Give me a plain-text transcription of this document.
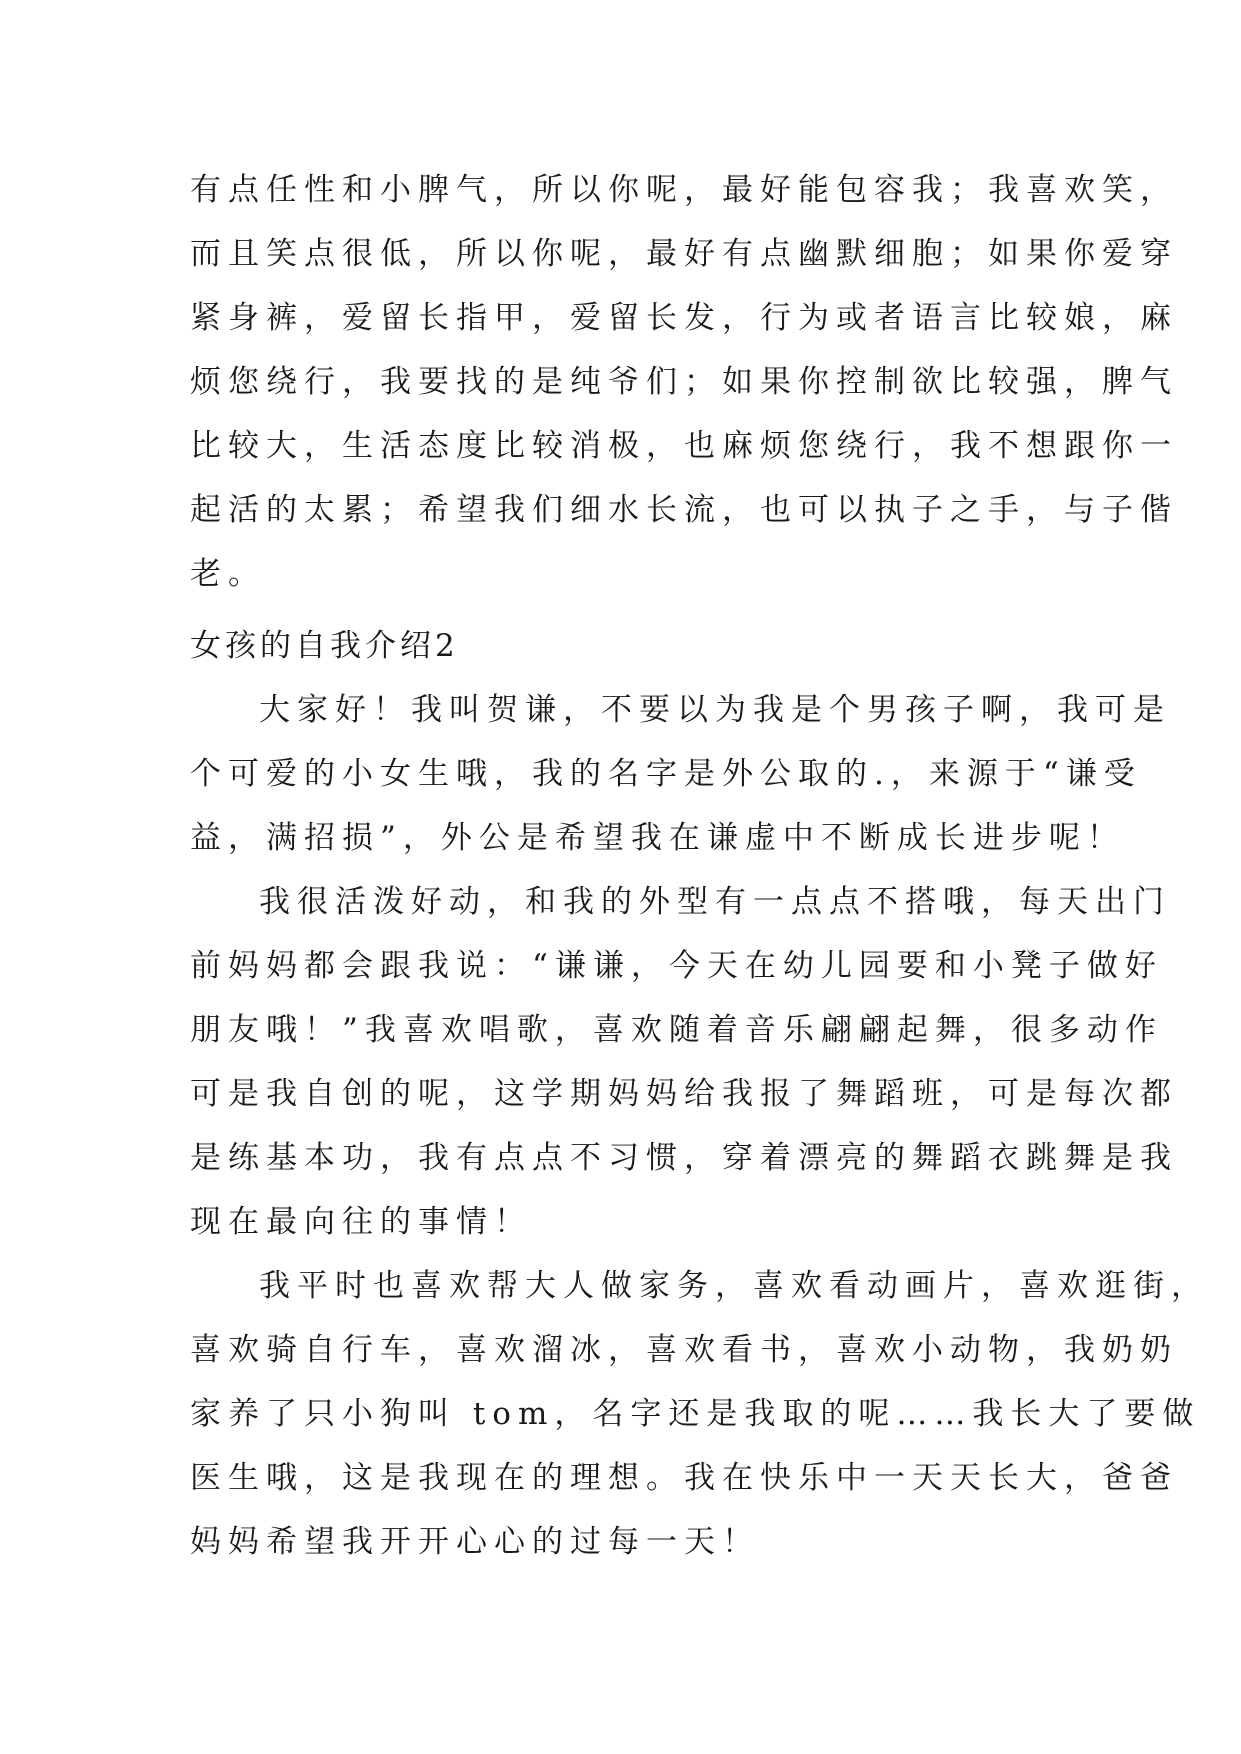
有点任性和小脾气，所以你呢，最好能包容我；我喜欢笑，
而且笑点很低，所以你呢，最好有点幽默细胞；如果你爱穿
紧身裤，爱留长指甲，爱留长发，行为或者语言比较娘，麻
烦您绕行，我要找的是纯爷们；如果你控制欲比较强，脾气
比较大，生活态度比较消极，也麻烦您绕行，我不想跟你一
起活的太累；希望我们细水长流，也可以执子之手，与子偕
老。
女孩的自我介绍2
大家好！我叫贺谦，不要以为我是个男孩子啊，我可是
个可爱的小女生哦，我的名字是外公取的.，来源于“谦受
益，满招损”，外公是希望我在谦虚中不断成长进步呢！
我很活泼好动，和我的外型有一点点不搭哦，每天出门
前妈妈都会跟我说：“谦谦，今天在幼儿园要和小凳子做好
朋友哦！”我喜欢唱歌，喜欢随着音乐翩翩起舞，很多动作
可是我自创的呢，这学期妈妈给我报了舞蹈班，可是每次都
是练基本功，我有点点不习惯，穿着漂亮的舞蹈衣跳舞是我
现在最向往的事情！
我平时也喜欢帮大人做家务，喜欢看动画片，喜欢逛街，
喜欢骑自行车，喜欢溜冰，喜欢看书，喜欢小动物，我奶奶
家养了只小狗叫 tom，名字还是我取的呢……我长大了要做
医生哦，这是我现在的理想。我在快乐中一天天长大，爸爸
妈妈希望我开开心心的过每一天！
